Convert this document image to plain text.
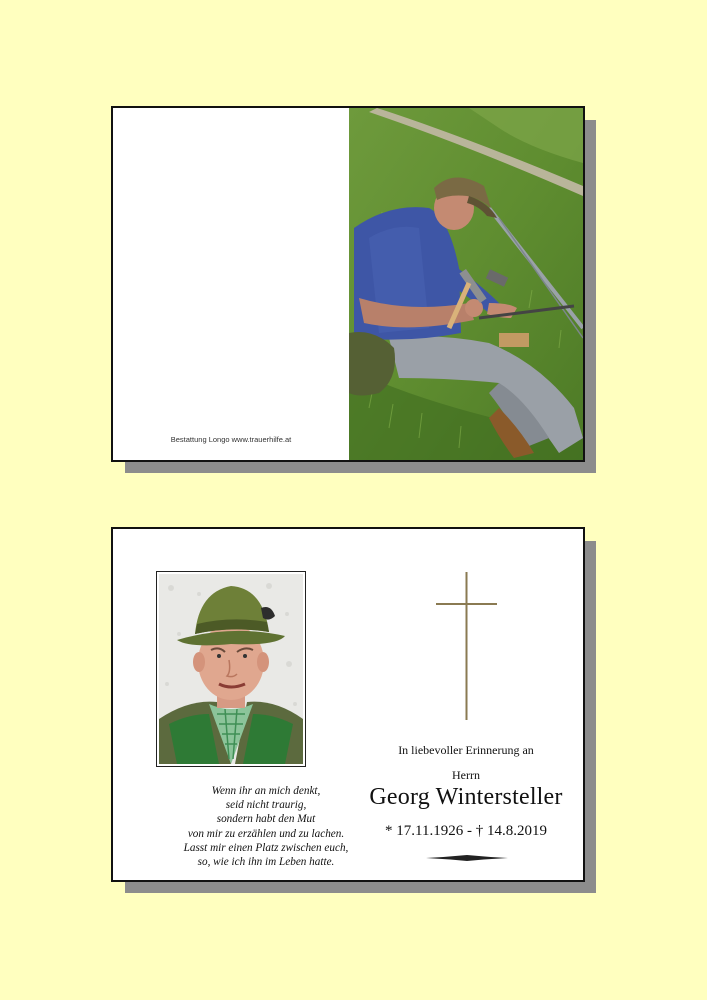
Bestattung Longo www.trauerhilfe.at
Wenn ihr an mich denkt,
seid nicht traurig,
sondern habt den Mut
von mir zu erzählen und zu lachen.
Lasst mir einen Platz zwischen euch,
so, wie ich ihn im Leben hatte.
In liebevoller Erinnerung an
Herrn
Georg Wintersteller
* 17.11.1926 - † 14.8.2019
